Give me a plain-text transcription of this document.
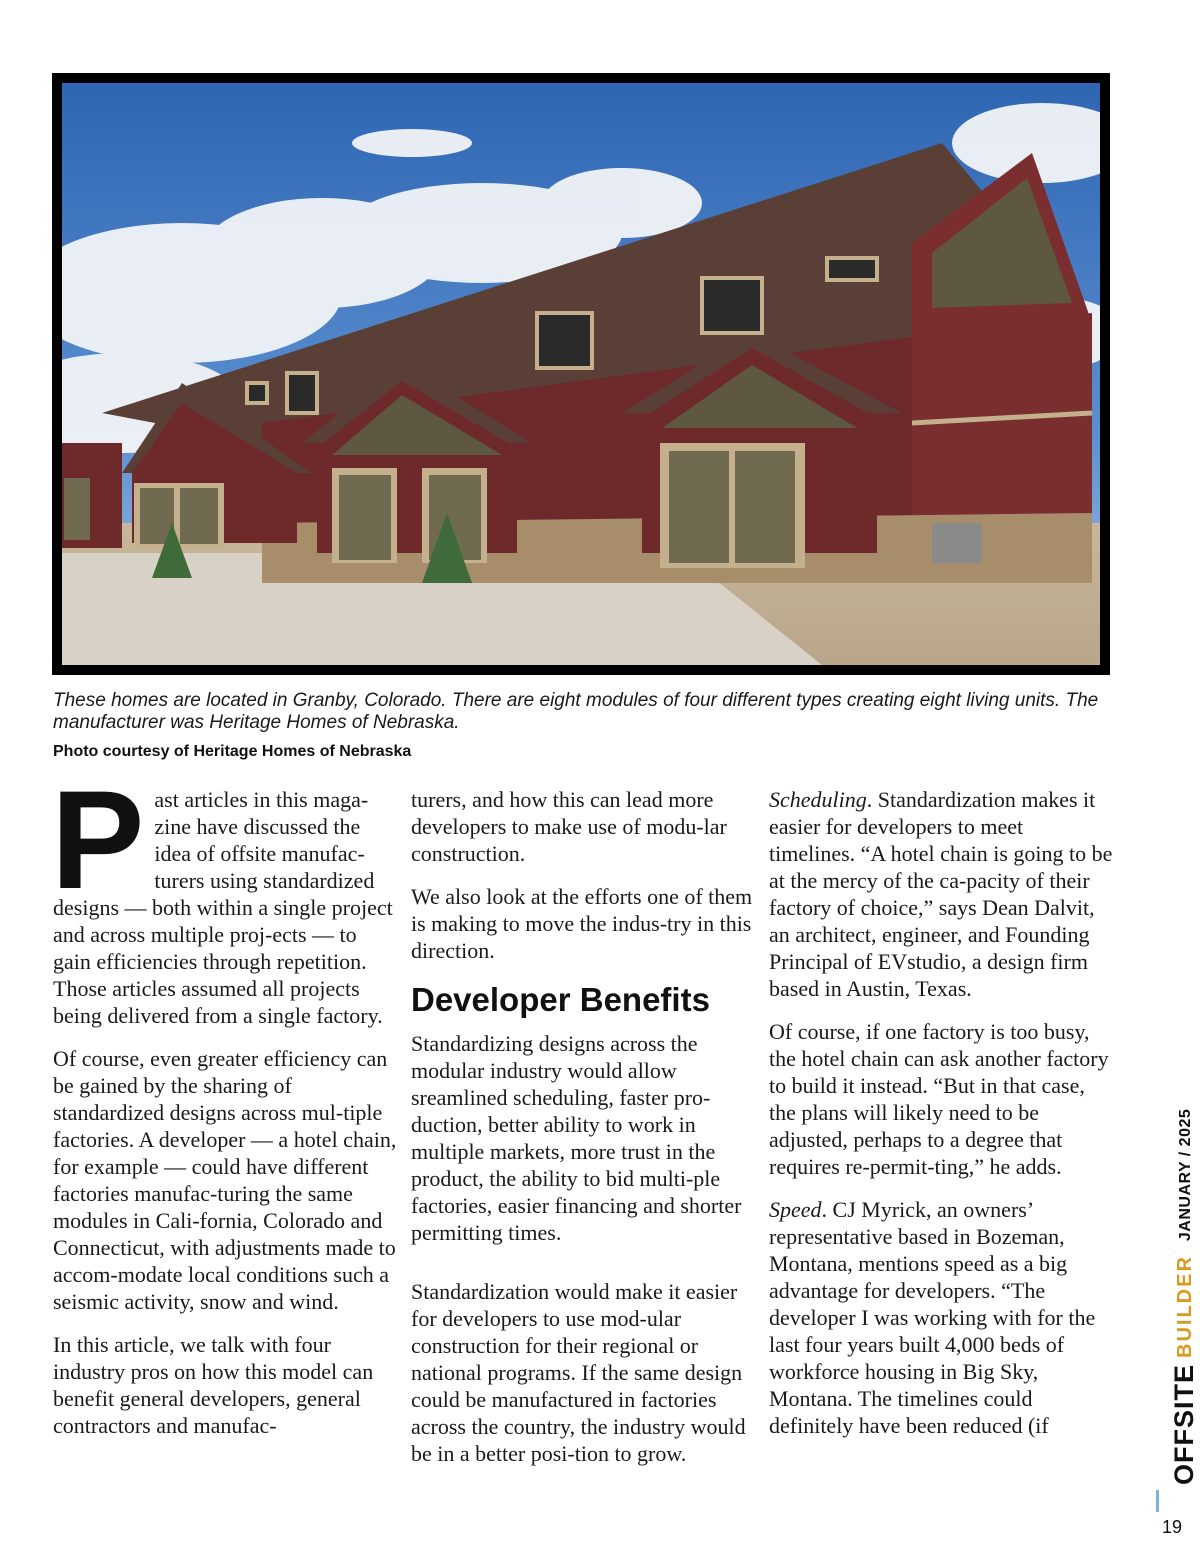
These homes are located in Granby, Colorado. There are eight modules of four different types creating eight living units. The manufacturer was Heritage Homes of Nebraska.
Photo courtesy of Heritage Homes of Nebraska

Past articles in this maga-zine have discussed the idea of offsite manufac-turers using standardized designs — both within a single project and across multiple proj-ects — to gain efficiencies through repetition. Those articles assumed all projects being delivered from a single factory.

Of course, even greater efficiency can be gained by the sharing of standardized designs across mul-tiple factories. A developer — a hotel chain, for example — could have different factories manufac-turing the same modules in Cali-fornia, Colorado and Connecticut, with adjustments made to accom-modate local conditions such a seismic activity, snow and wind.

In this article, we talk with four industry pros on how this model can benefit general developers, general contractors and manufac-

turers, and how this can lead more developers to make use of modu-lar construction.

We also look at the efforts one of them is making to move the indus-try in this direction.

Developer Benefits

Standardizing designs across the modular industry would allow sreamlined scheduling, faster pro-duction, better ability to work in multiple markets, more trust in the product, the ability to bid multi-ple factories, easier financing and shorter permitting times.

Standardization would make it easier for developers to use mod-ular construction for their regional or national programs. If the same design could be manufactured in factories across the country, the industry would be in a better posi-tion to grow.

Scheduling. Standardization makes it easier for developers to meet timelines. “A hotel chain is going to be at the mercy of the ca-pacity of their factory of choice,” says Dean Dalvit, an architect, engineer, and Founding Principal of EVstudio, a design firm based in Austin, Texas.

Of course, if one factory is too busy, the hotel chain can ask another factory to build it instead. “But in that case, the plans will likely need to be adjusted, perhaps to a degree that requires re-permit-ting,” he adds.

Speed. CJ Myrick, an owners’ representative based in Bozeman, Montana, mentions speed as a big advantage for developers. “The developer I was working with for the last four years built 4,000 beds of workforce housing in Big Sky, Montana. The timelines could definitely have been reduced (if	OFFSITE
BUILDER
JANUARY / 2025
19
